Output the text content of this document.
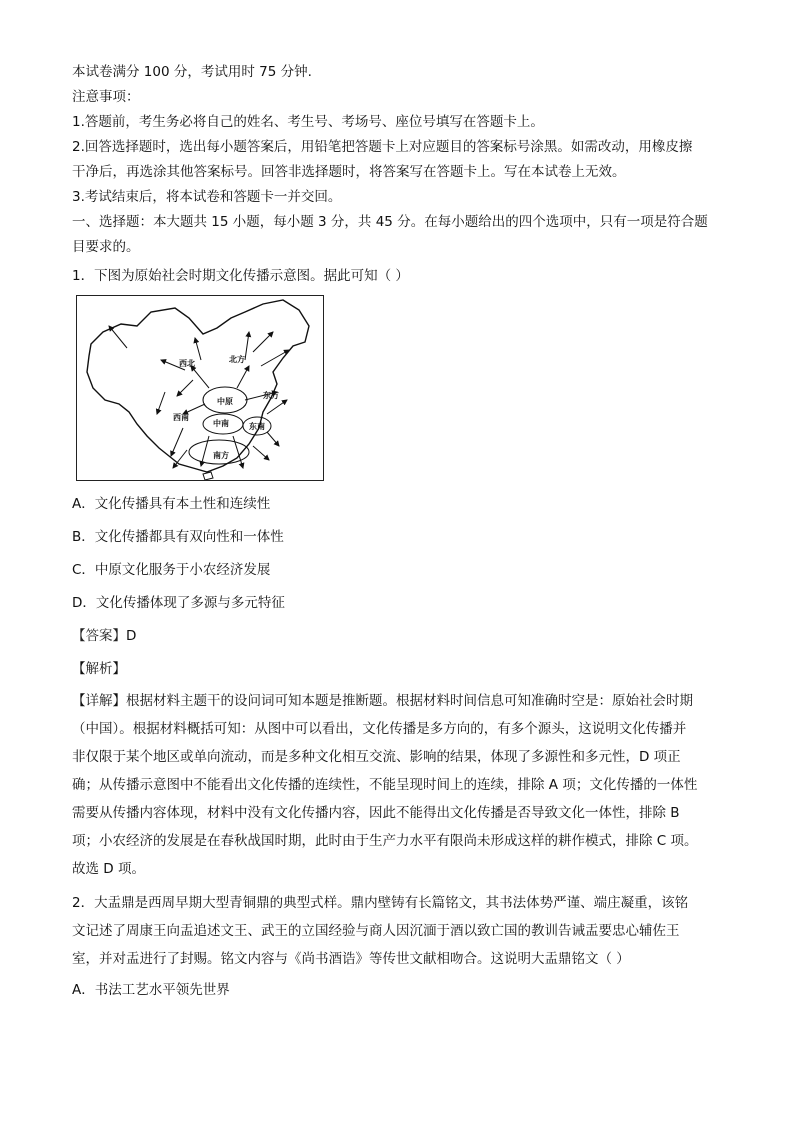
本试卷满分 100 分，考试用时 75 分钟.
注意事项：
1.答题前，考生务必将自己的姓名、考生号、考场号、座位号填写在答题卡上。
2.回答选择题时，选出每小题答案后，用铅笔把答题卡上对应题目的答案标号涂黑。如需改动，用橡皮擦
干净后，再选涂其他答案标号。回答非选择题时，将答案写在答题卡上。写在本试卷上无效。
3.考试结束后，将本试卷和答题卡一并交回。
一、选择题：本大题共 15 小题，每小题 3 分，共 45 分。在每小题给出的四个选项中，只有一项是符合题
目要求的。
1．下图为原始社会时期文化传播示意图。据此可知（ ）
西北	北方
中原
东方
西南
中南	东南
南方
A．文化传播具有本土性和连续性
B．文化传播都具有双向性和一体性
C．中原文化服务于小农经济发展
D．文化传播体现了多源与多元特征
【答案】D
【解析】
【详解】根据材料主题干的设问词可知本题是推断题。根据材料时间信息可知准确时空是：原始社会时期
（中国）。根据材料概括可知：从图中可以看出，文化传播是多方向的，有多个源头，这说明文化传播并
非仅限于某个地区或单向流动，而是多种文化相互交流、影响的结果，体现了多源性和多元性，D 项正
确；从传播示意图中不能看出文化传播的连续性，不能呈现时间上的连续，排除 A 项；文化传播的一体性
需要从传播内容体现，材料中没有文化传播内容，因此不能得出文化传播是否导致文化一体性，排除 B
项；小农经济的发展是在春秋战国时期，此时由于生产力水平有限尚未形成这样的耕作模式，排除 C 项。
故选 D 项。
2．大盂鼎是西周早期大型青铜鼎的典型式样。鼎内壁铸有长篇铭文，其书法体势严谨、端庄凝重，该铭
文记述了周康王向盂追述文王、武王的立国经验与商人因沉湎于酒以致亡国的教训告诫盂要忠心辅佐王
室，并对盂进行了封赐。铭文内容与《尚书酒诰》等传世文献相吻合。这说明大盂鼎铭文（ ）
A．书法工艺水平领先世界
